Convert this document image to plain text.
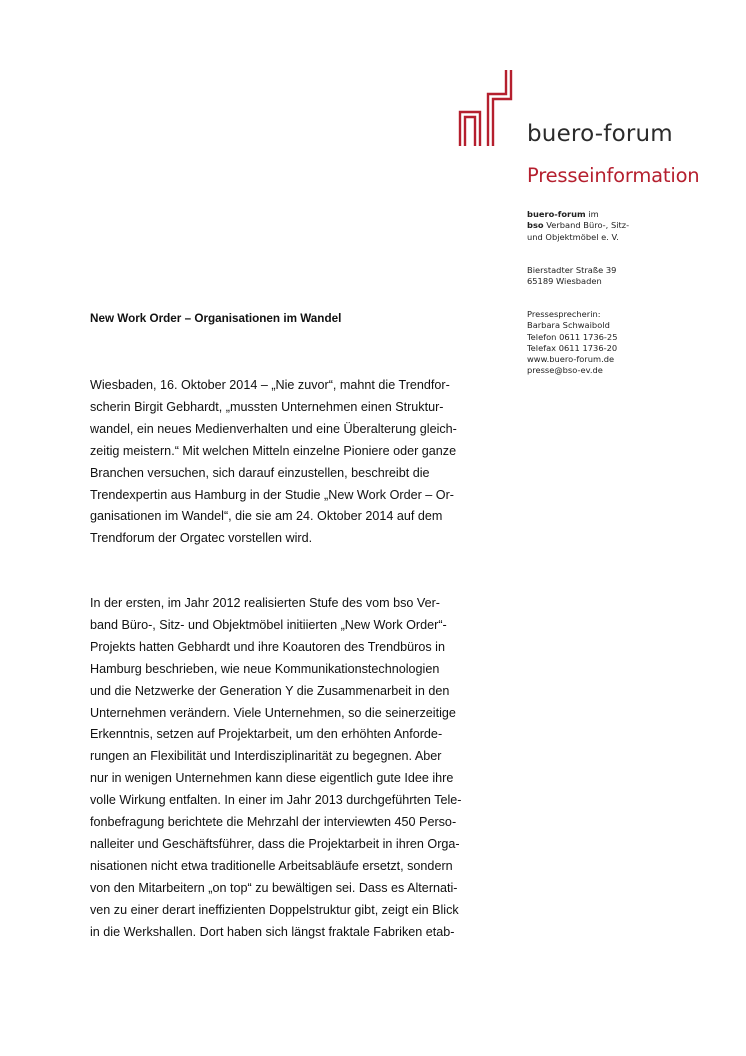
buero-forum
Presseinformation
buero-forum im
bso Verband Büro-, Sitz-
und Objektmöbel e. V.
Bierstadter Straße 39
65189 Wiesbaden
Pressesprecherin:
Barbara Schwaibold
Telefon 0611 1736-25
Telefax 0611 1736-20
www.buero-forum.de
presse@bso-ev.de
New Work Order – Organisationen im Wandel
Wiesbaden, 16. Oktober 2014 – „Nie zuvor“, mahnt die Trendfor-
scherin Birgit Gebhardt, „mussten Unternehmen einen Struktur-
wandel, ein neues Medienverhalten und eine Überalterung gleich-
zeitig meistern.“ Mit welchen Mitteln einzelne Pioniere oder ganze
Branchen versuchen, sich darauf einzustellen, beschreibt die
Trendexpertin aus Hamburg in der Studie „New Work Order – Or-
ganisationen im Wandel“, die sie am 24. Oktober 2014 auf dem
Trendforum der Orgatec vorstellen wird.
In der ersten, im Jahr 2012 realisierten Stufe des vom bso Ver-
band Büro-, Sitz- und Objektmöbel initiierten „New Work Order“-
Projekts hatten Gebhardt und ihre Koautoren des Trendbüros in
Hamburg beschrieben, wie neue Kommunikationstechnologien
und die Netzwerke der Generation Y die Zusammenarbeit in den
Unternehmen verändern. Viele Unternehmen, so die seinerzeitige
Erkenntnis, setzen auf Projektarbeit, um den erhöhten Anforde-
rungen an Flexibilität und Interdisziplinarität zu begegnen. Aber
nur in wenigen Unternehmen kann diese eigentlich gute Idee ihre
volle Wirkung entfalten. In einer im Jahr 2013 durchgeführten Tele-
fonbefragung berichtete die Mehrzahl der interviewten 450 Perso-
nalleiter und Geschäftsführer, dass die Projektarbeit in ihren Orga-
nisationen nicht etwa traditionelle Arbeitsabläufe ersetzt, sondern
von den Mitarbeitern „on top“ zu bewältigen sei. Dass es Alternati-
ven zu einer derart ineffizienten Doppelstruktur gibt, zeigt ein Blick
in die Werkshallen. Dort haben sich längst fraktale Fabriken etab-
